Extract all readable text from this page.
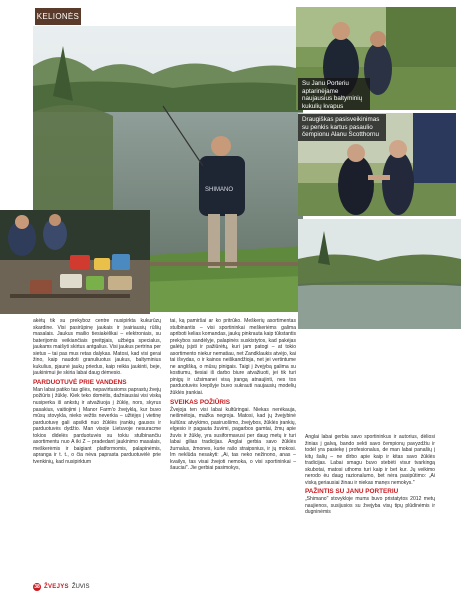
KELIONĖS
SHIMANO
Su Janu Porteriu aptarinėjame naujausius baltyminių kukulių kvapus
Draugiškas pasisveikinimas su penkis kartus pasaulio čempionu Alanu Scotthornu

akėtų tik su prekyboz centre nusipirkta kukurūzų skardine. Visi pasirūpinę jaukais ir įvairiausių rūšių masalais. Jaukus mailio tiesiakėlikai – elektroniais, su baterijomis veikiančiais greitpjais, užbėga specialus, jaukams maišyti skirtus antgalius. Visi jaukus pertrina per sietus – tai pas mus retas dalykas. Matosi, kad visi gerai žino, kaip naudoti granuliuotus jaukus, baltyminius kukulius, pjaunė jaukų priedus, kaip reikia jaukinti, beje, jaukinimui jie skiria labai daug dėmesio.

PARDUOTUVĖ PRIE VANDENS

Man labai patiko tas gilės, nepavirtusioms paprastų žvejų požiūris į žūklę. Kiek teko domėtis, dažniausiai visi viską nusiperka iš ankstų ir atvažiuoja į žūklę, nors, skyrus pasakius, vaitiojimi į Manor Farm'o žvejyklą, kur buvo mūsų stovykla, nieko vežtis neverkia – užtėjęs į vietinę parduotuvę gali apsikti nuo žūklės įrankių gausos ir parduotuvės dydžio. Man visoje Lietuvoje nesuracme tokios didelės parduotuvės su tokiu stulbinančiu asortimentu nuo A iki Z – pradedant jaukinimo masalais, meškerėmis ir baigiant platformomis, palapinėmis, apranga ir t. t., o čia nėva paprasta parduotuvėlė prie tvenkinių, kad nusipirktum

tai, ką pamiršai ar ko pritrūko. Meškerių asortimentas stulbinantis – visi sportininkai meškeriėms galima apriboti kelias komandas, jaukų pinkrauta kaip tūkstantis prekybos sandėlyje, palapinės suskistytos, kad pakėjas galėtų įsjsti ir pažiūrėtų, kuri jam patogi – at tokio asortimento niekur nematiau, net Zandklaukis atvėjo, kai tai išvydas, o ir kainos neiškandžioja, net jei vertintume ne anglišką, o mūsų pinigais. Taigi į žvejybą galima su kostiumu, tiesiai iš darbo biure atvažiuoti, jei tik turi pinigų ir užsimanei visą įrangą atnaujinti, nes tos parduotuvės krepšyje buvo sukrauti naujausių modelių žūklės įrankiai.

SVEIKAS POŽIŪRIS

Žvejoja ten visi labai kultūringai. Niekas nerėkauja, neišmėtoja, mažka negroja. Matosi, kad jų žvejybinė kultūra: atvykimo, pasiruošimo, žvejybos, žūklės įrankių, elgesio ir pagauta žuvimi, pagarbos gamtai, žmų apie žuvis ir žūklę, yra susiformavusi per daug metų ir turi labai gilias tradicijas. Anglai gerbia savo žūklės žurnalus, žmones, kurie rašo straipsnius, ir jų mokosi. Im neklūda nesakyti: „Ai, tas neko nežinono, anas – kvailys, tas visai žvejoti nemoka, o visi sportininkai – šauciai". Jie gerbiai pasimokys,

Anglai labai gerbia savo sportininkus ir autorius, dėliosi žinias į galvą, bando sekti savo čempionų pavyzdžiu ir todėl yra pasiekę į profesionalus, de man labai panašių į kitų šalių – ne dirbo apie kaip ir kitas savo žūklės tradicijas. Labai smagu buvo stebėti visur tvarkingą skubotai, matosi uthoms turi kaip ir bet kur. Jų veikimo nerodo ėu daug razionalumo, bet nėra pasipūtimo: „Ai viską geriausiai žinau ir niekas manęs nemokys."

PAŽINTIS SU JANU PORTERIU

„Shimano" stovykloje mums buvo pristatytos 2012 metų naujienos, susijusios su žvejyba visų tipų plūdinėmis ir dugninėmis

38 ŽVEJYS ŽUVIS
